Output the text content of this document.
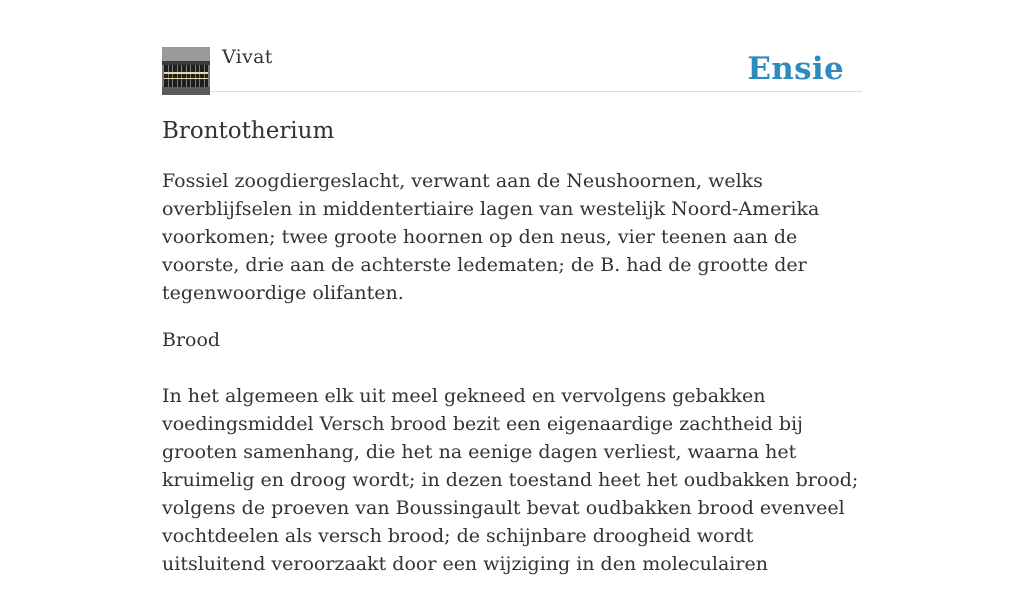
Vivat	Ensie
Brontotherium

Fossiel zoogdiergeslacht, verwant aan de Neushoornen, welks overblijfselen in middentertiaire lagen van westelijk Noord-Amerika voorkomen; twee groote hoornen op den neus, vier teenen aan de voorste, drie aan de achterste ledematen; de B. had de grootte der tegenwoordige olifanten.

Brood

In het algemeen elk uit meel gekneed en vervolgens gebakken voedingsmiddel Versch brood bezit een eigenaardige zachtheid bij grooten samenhang, die het na eenige dagen verliest, waarna het kruimelig en droog wordt; in dezen toestand heet het oudbakken brood; volgens de proeven van Boussingault bevat oudbakken brood evenveel vochtdeelen als versch brood; de schijnbare droogheid wordt uitsluitend veroorzaakt door een wijziging in den moleculairen
